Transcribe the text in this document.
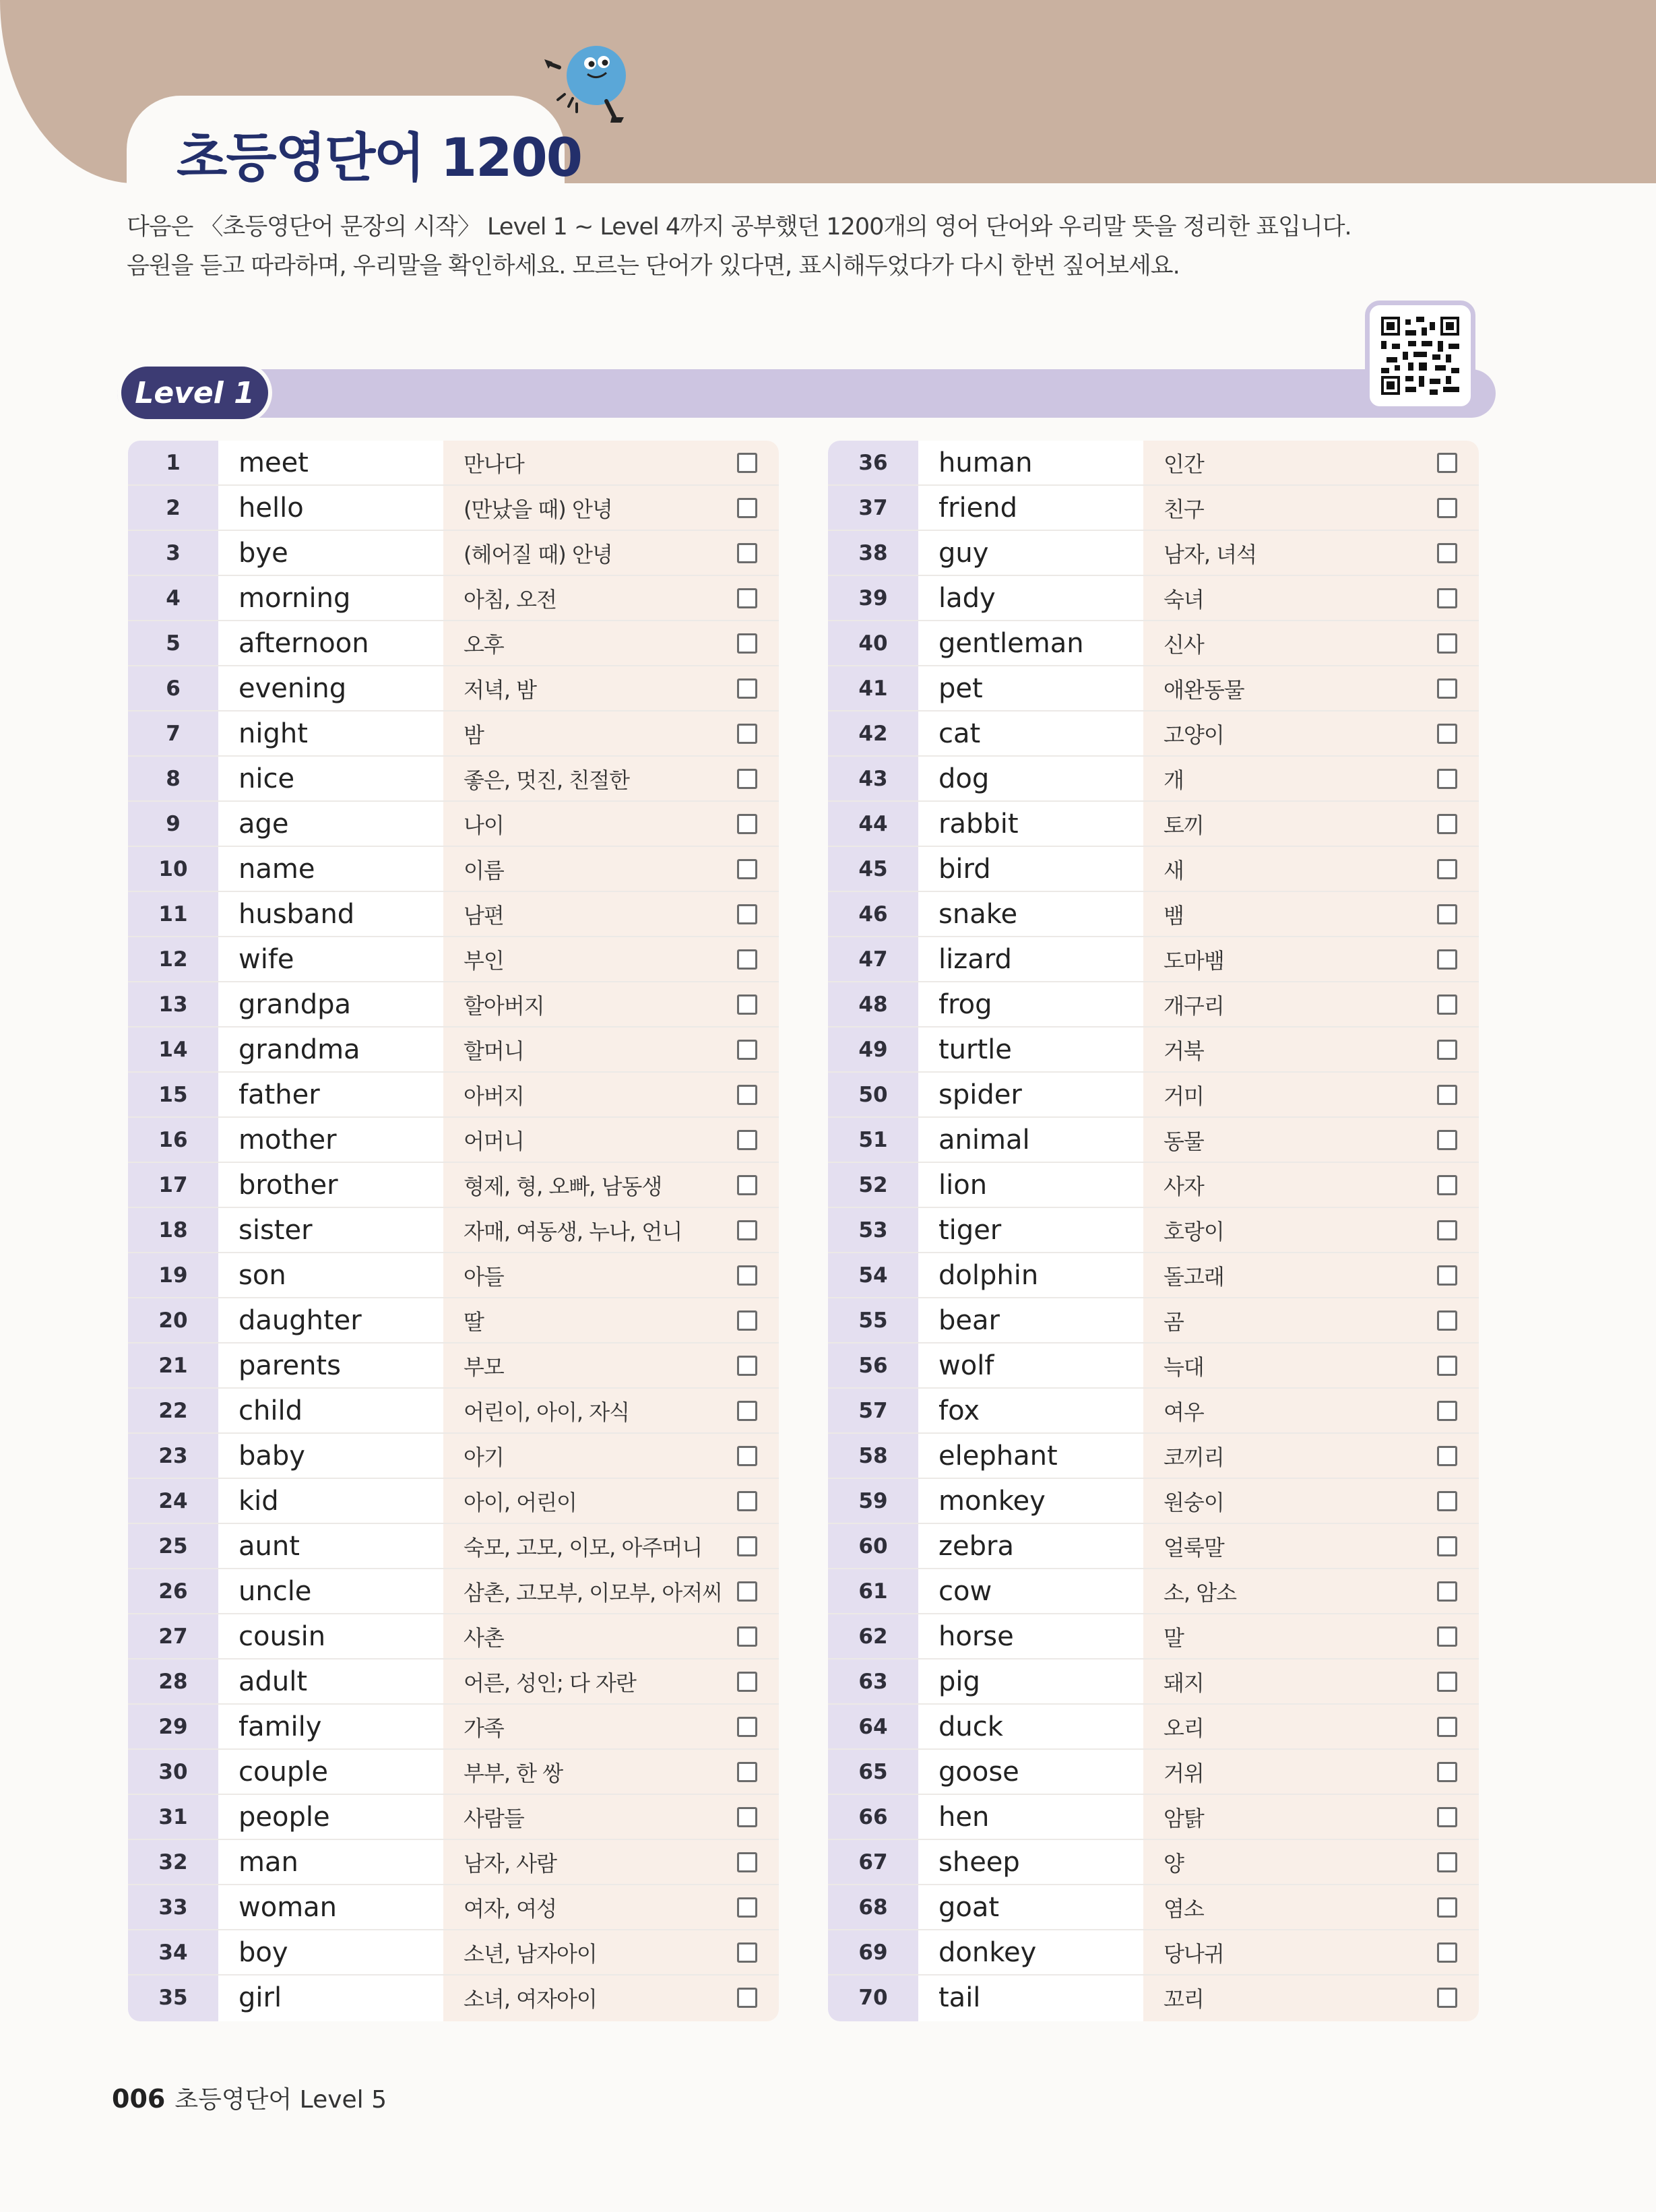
초등영단어 1200
다음은 〈초등영단어 문장의 시작〉 Level 1 ~ Level 4까지 공부했던 1200개의 영어 단어와 우리말 뜻을 정리한 표입니다.
음원을 듣고 따라하며, 우리말을 확인하세요. 모르는 단어가 있다면, 표시해두었다가 다시 한번 짚어보세요.
Level 1
1	meet	만나다
2	hello	(만났을 때) 안녕
3	bye	(헤어질 때) 안녕
4	morning	아침, 오전
5	afternoon	오후
6	evening	저녁, 밤
7	night	밤
8	nice	좋은, 멋진, 친절한
9	age	나이
10	name	이름
11	husband	남편
12	wife	부인
13	grandpa	할아버지
14	grandma	할머니
15	father	아버지
16	mother	어머니
17	brother	형제, 형, 오빠, 남동생
18	sister	자매, 여동생, 누나, 언니
19	son	아들
20	daughter	딸
21	parents	부모
22	child	어린이, 아이, 자식
23	baby	아기
24	kid	아이, 어린이
25	aunt	숙모, 고모, 이모, 아주머니
26	uncle	삼촌, 고모부, 이모부, 아저씨
27	cousin	사촌
28	adult	어른, 성인; 다 자란
29	family	가족
30	couple	부부, 한 쌍
31	people	사람들
32	man	남자, 사람
33	woman	여자, 여성
34	boy	소년, 남자아이
35	girl	소녀, 여자아이
36	human	인간
37	friend	친구
38	guy	남자, 녀석
39	lady	숙녀
40	gentleman	신사
41	pet	애완동물
42	cat	고양이
43	dog	개
44	rabbit	토끼
45	bird	새
46	snake	뱀
47	lizard	도마뱀
48	frog	개구리
49	turtle	거북
50	spider	거미
51	animal	동물
52	lion	사자
53	tiger	호랑이
54	dolphin	돌고래
55	bear	곰
56	wolf	늑대
57	fox	여우
58	elephant	코끼리
59	monkey	원숭이
60	zebra	얼룩말
61	cow	소, 암소
62	horse	말
63	pig	돼지
64	duck	오리
65	goose	거위
66	hen	암탉
67	sheep	양
68	goat	염소
69	donkey	당나귀
70	tail	꼬리

006 초등영단어 Level 5
